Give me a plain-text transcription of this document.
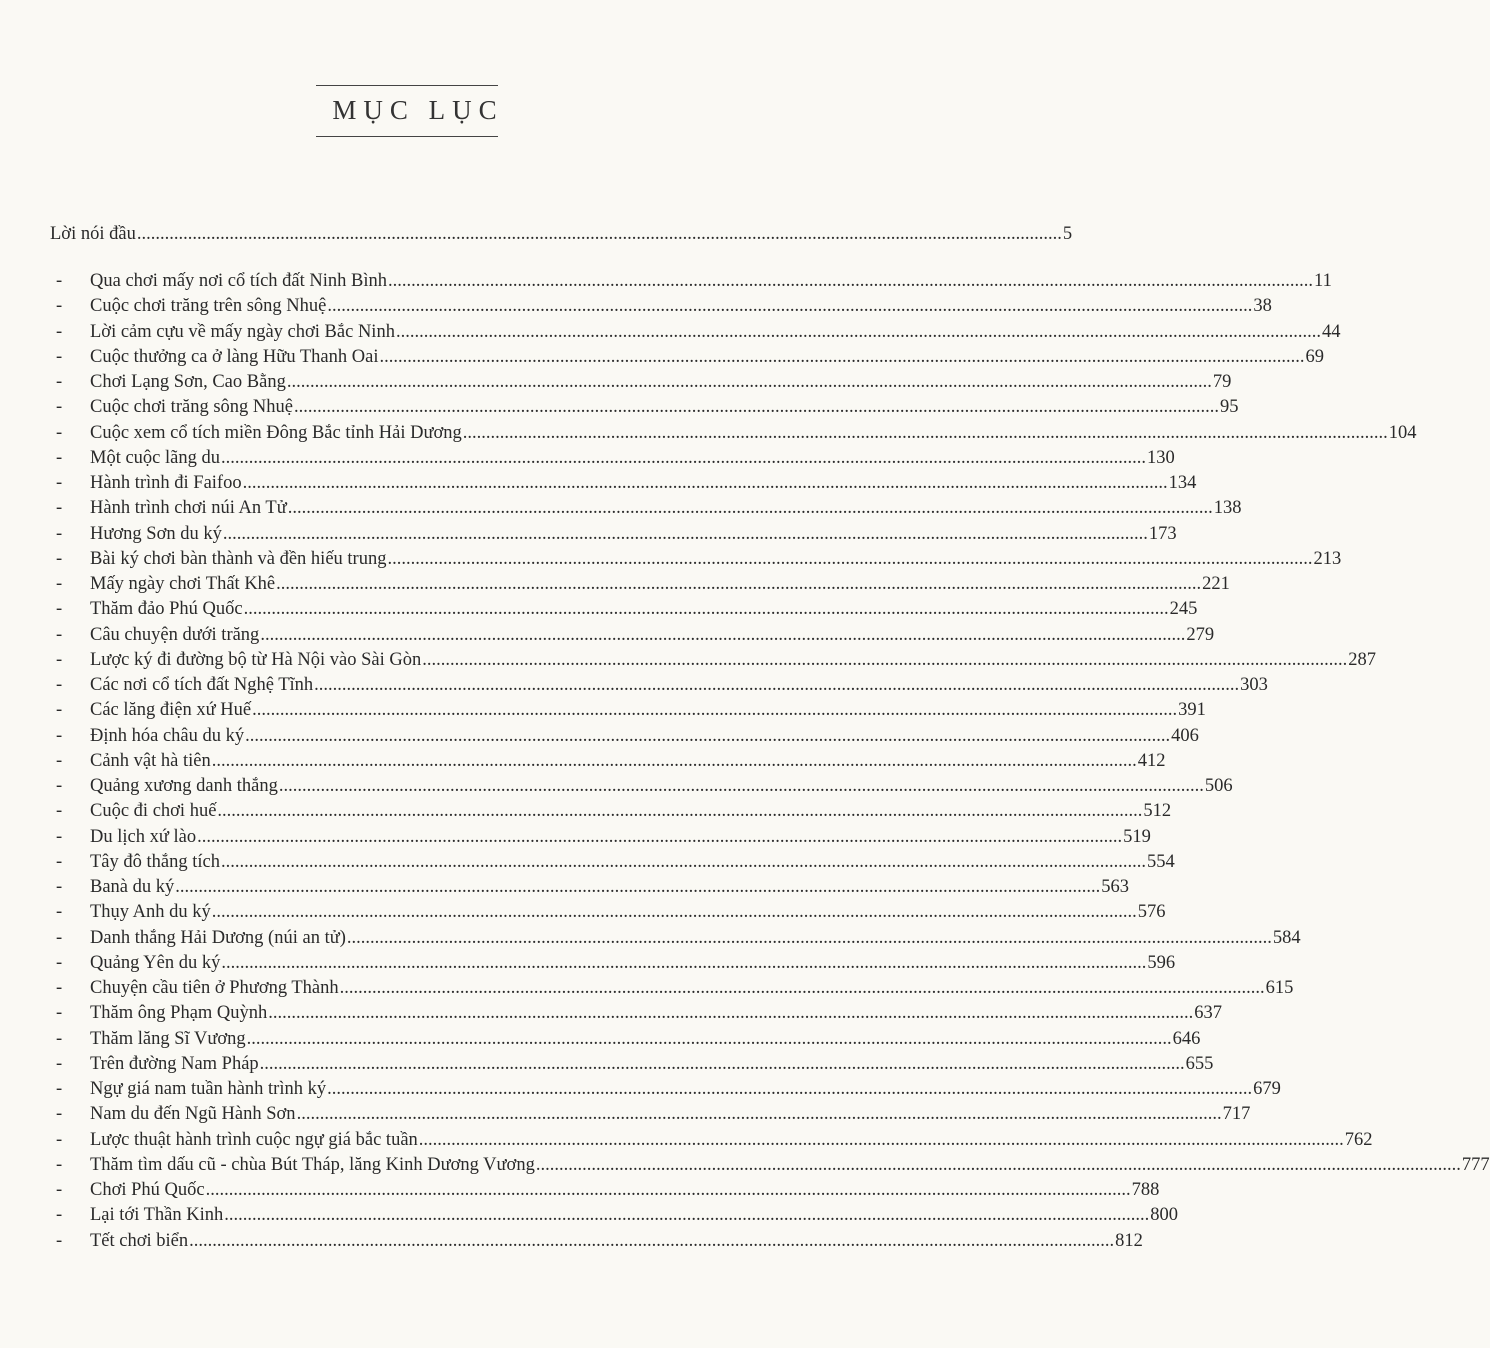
MỤC LỤC
Lời nói đầu ........................................................................................................................................................................................................ 5
- Qua chơi mấy nơi cổ tích đất Ninh Bình ........................................................................................................................................................................................................ 11
- Cuộc chơi trăng trên sông Nhuệ ........................................................................................................................................................................................................ 38
- Lời cảm cựu về mấy ngày chơi Bắc Ninh ........................................................................................................................................................................................................ 44
- Cuộc thưởng ca ở làng Hữu Thanh Oai ........................................................................................................................................................................................................ 69
- Chơi Lạng Sơn, Cao Bằng ........................................................................................................................................................................................................ 79
- Cuộc chơi trăng sông Nhuệ ........................................................................................................................................................................................................ 95
- Cuộc xem cổ tích miền Đông Bắc tỉnh Hải Dương ........................................................................................................................................................................................................ 104
- Một cuộc lãng du ........................................................................................................................................................................................................ 130
- Hành trình đi Faifoo ........................................................................................................................................................................................................ 134
- Hành trình chơi núi An Tử ........................................................................................................................................................................................................ 138
- Hương Sơn du ký ........................................................................................................................................................................................................ 173
- Bài ký chơi bàn thành và đền hiếu trung ........................................................................................................................................................................................................ 213
- Mấy ngày chơi Thất Khê ........................................................................................................................................................................................................ 221
- Thăm đảo Phú Quốc ........................................................................................................................................................................................................ 245
- Câu chuyện dưới trăng ........................................................................................................................................................................................................ 279
- Lược ký đi đường bộ từ Hà Nội vào Sài Gòn ........................................................................................................................................................................................................ 287
- Các nơi cổ tích đất Nghệ Tĩnh ........................................................................................................................................................................................................ 303
- Các lăng điện xứ Huế ........................................................................................................................................................................................................ 391
- Định hóa châu du ký ........................................................................................................................................................................................................ 406
- Cảnh vật hà tiên ........................................................................................................................................................................................................ 412
- Quảng xương danh thắng ........................................................................................................................................................................................................ 506
- Cuộc đi chơi huế ........................................................................................................................................................................................................ 512
- Du lịch xứ lào ........................................................................................................................................................................................................ 519
- Tây đô thắng tích ........................................................................................................................................................................................................ 554
- Banà du ký ........................................................................................................................................................................................................ 563
- Thụy Anh du ký ........................................................................................................................................................................................................ 576
- Danh thắng Hải Dương (núi an tử) ........................................................................................................................................................................................................ 584
- Quảng Yên du ký ........................................................................................................................................................................................................ 596
- Chuyện cầu tiên ở Phương Thành ........................................................................................................................................................................................................ 615
- Thăm ông Phạm Quỳnh ........................................................................................................................................................................................................ 637
- Thăm lăng Sĩ Vương ........................................................................................................................................................................................................ 646
- Trên đường Nam Pháp ........................................................................................................................................................................................................ 655
- Ngự giá nam tuần hành trình ký ........................................................................................................................................................................................................ 679
- Nam du đến Ngũ Hành Sơn ........................................................................................................................................................................................................ 717
- Lược thuật hành trình cuộc ngự giá bắc tuần ........................................................................................................................................................................................................ 762
- Thăm tìm dấu cũ - chùa Bút Tháp, lăng Kinh Dương Vương ........................................................................................................................................................................................................ 777
- Chơi Phú Quốc ........................................................................................................................................................................................................ 788
- Lại tới Thần Kinh ........................................................................................................................................................................................................ 800
- Tết chơi biển ........................................................................................................................................................................................................ 812
